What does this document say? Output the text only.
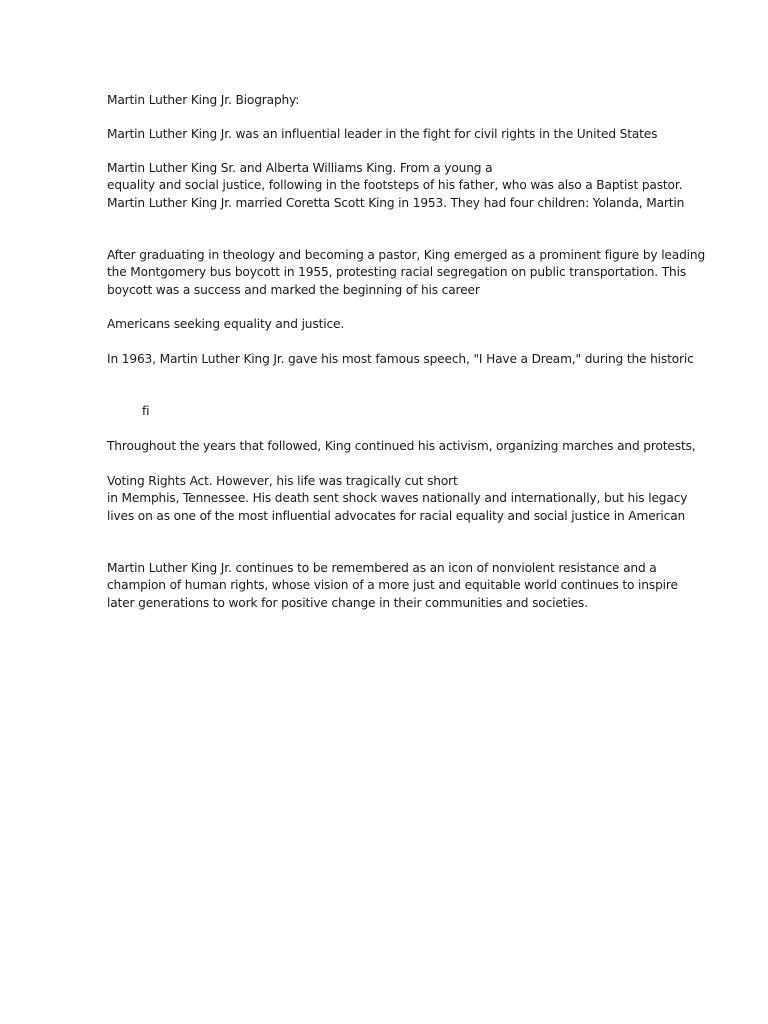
Martin Luther King Jr. Biography:
Martin Luther King Jr. was an influential leader in the fight for civil rights in the United States
Martin Luther King Sr. and Alberta Williams King. From a young a
equality and social justice, following in the footsteps of his father, who was also a Baptist pastor.
Martin Luther King Jr. married Coretta Scott King in 1953. They had four children: Yolanda, Martin
After graduating in theology and becoming a pastor, King emerged as a prominent figure by leading
the Montgomery bus boycott in 1955, protesting racial segregation on public transportation. This
boycott was a success and marked the beginning of his career
Americans seeking equality and justice.
In 1963, Martin Luther King Jr. gave his most famous speech, "I Have a Dream," during the historic
fi
Throughout the years that followed, King continued his activism, organizing marches and protests,
Voting Rights Act. However, his life was tragically cut short
in Memphis, Tennessee. His death sent shock waves nationally and internationally, but his legacy
lives on as one of the most influential advocates for racial equality and social justice in American
Martin Luther King Jr. continues to be remembered as an icon of nonviolent resistance and a
champion of human rights, whose vision of a more just and equitable world continues to inspire
later generations to work for positive change in their communities and societies.
